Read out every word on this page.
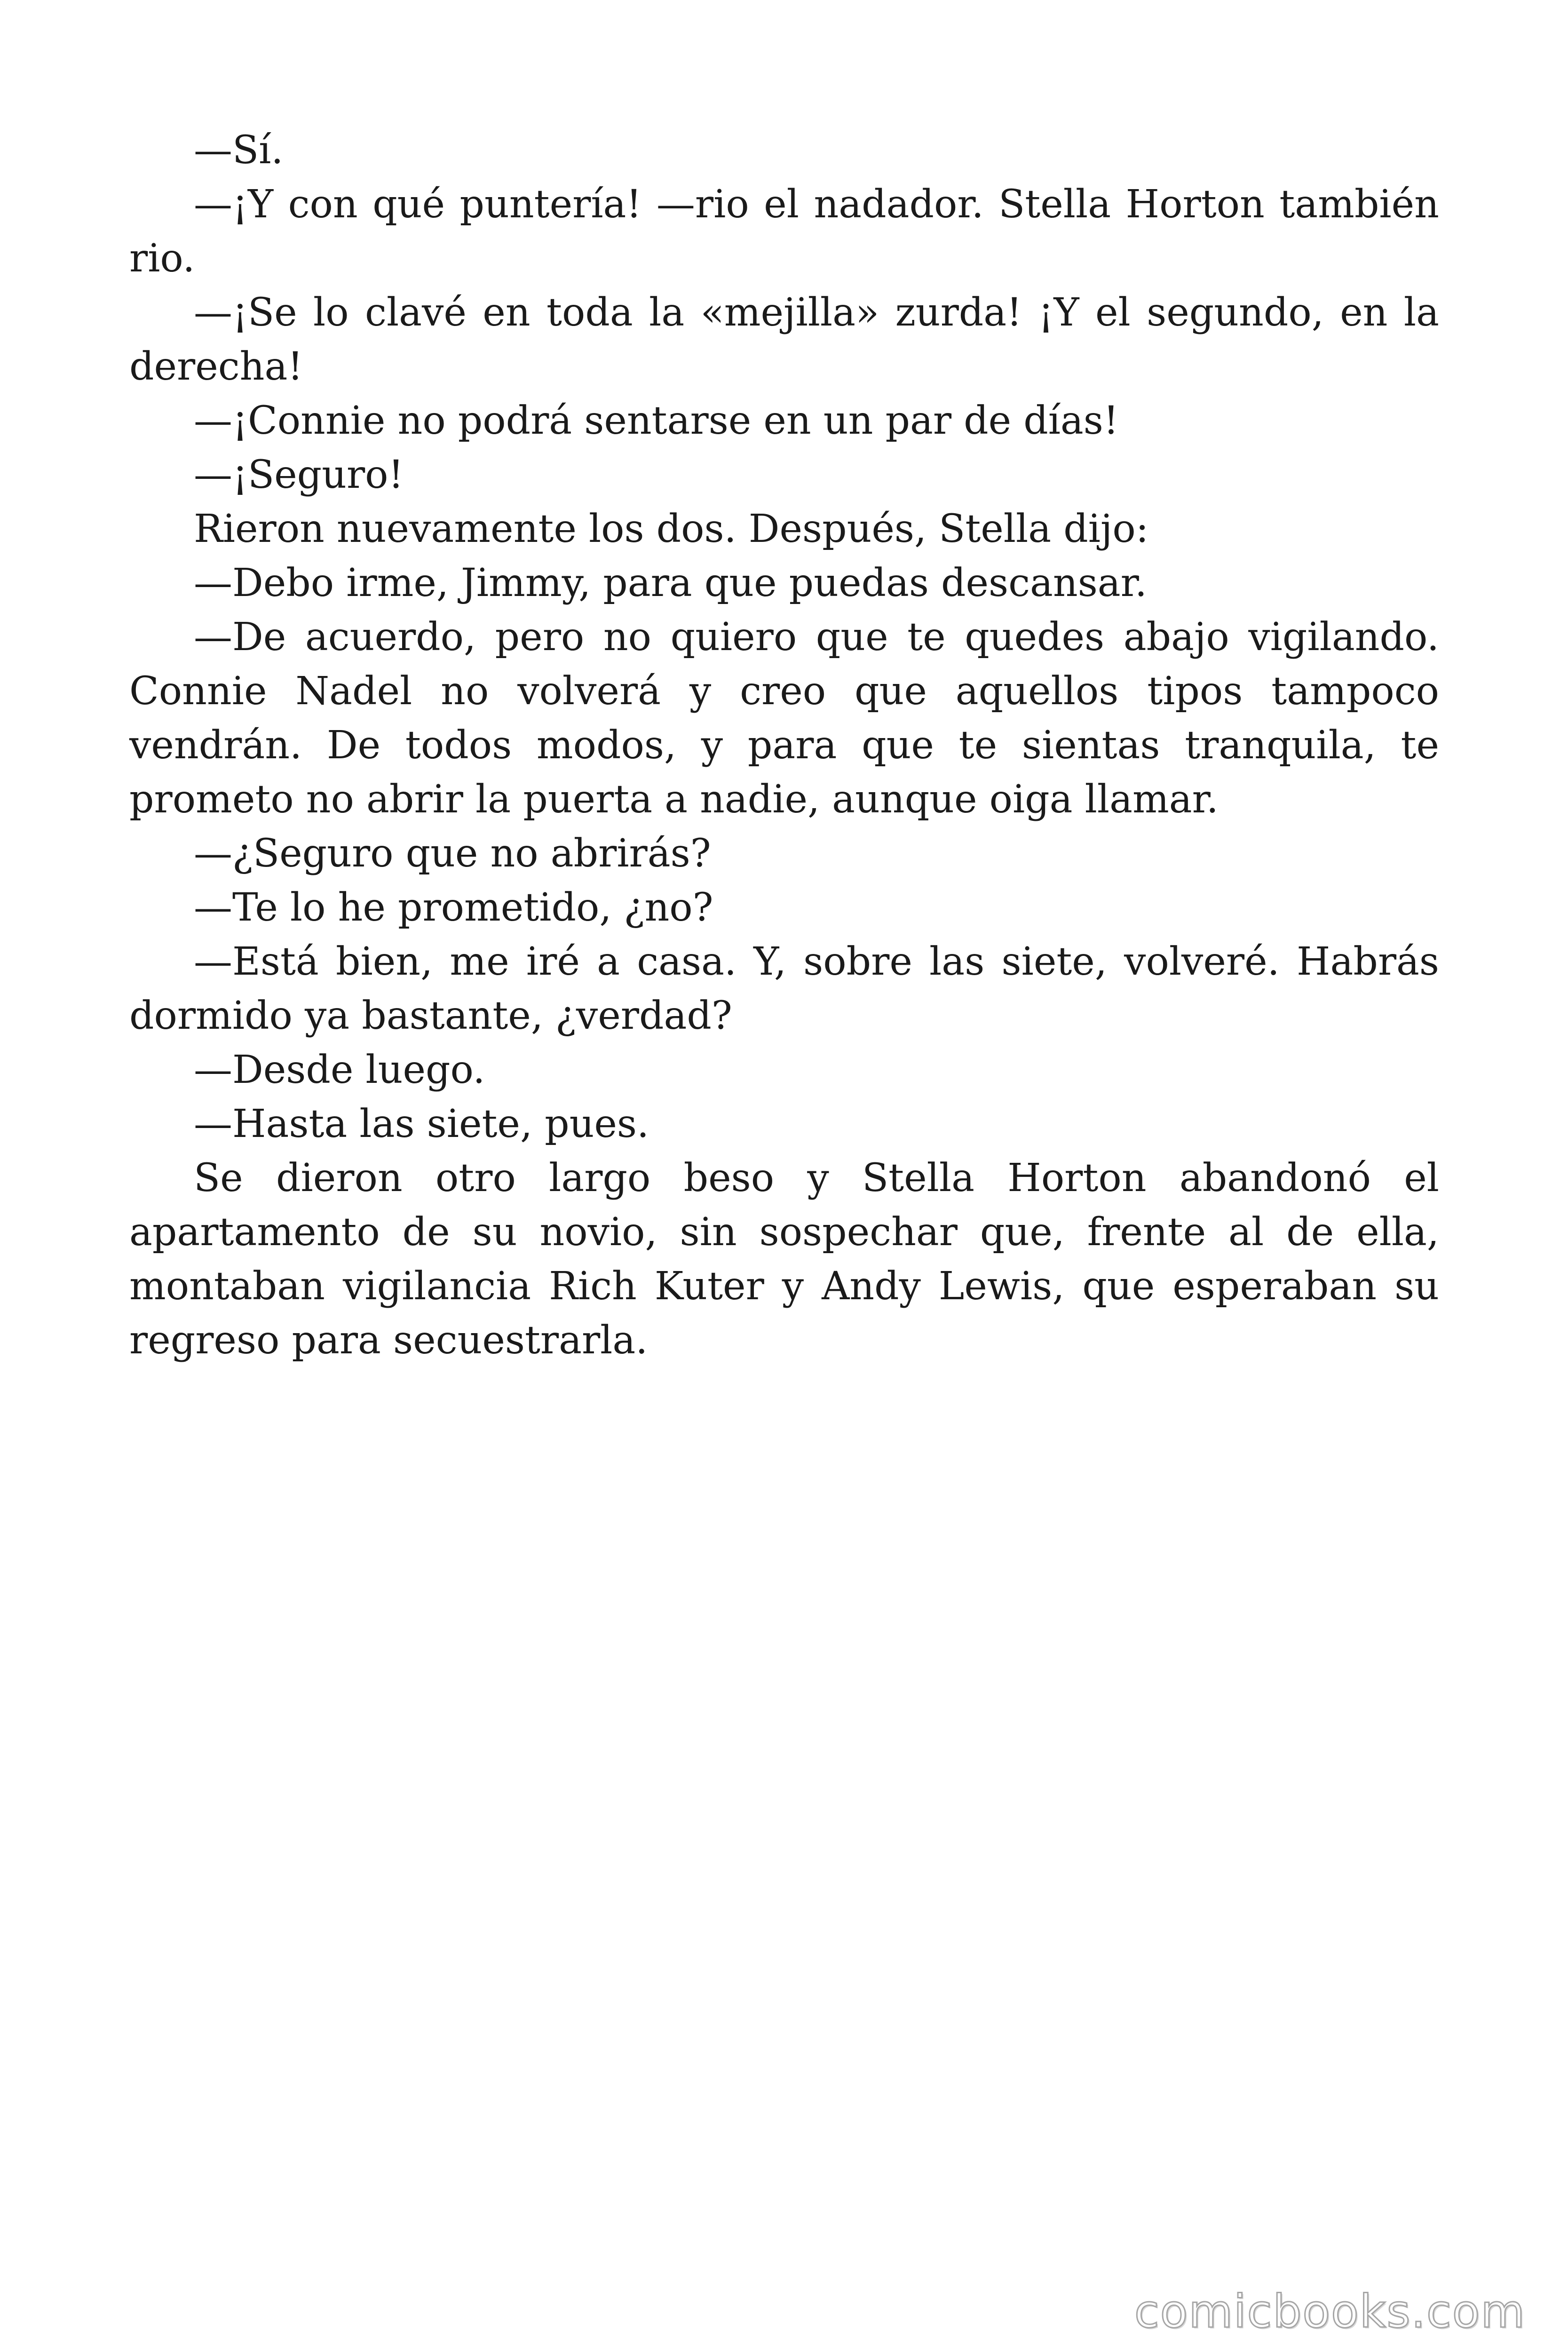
—Sí.

—¡Y con qué puntería! —rio el nadador. Stella Horton también rio.

—¡Se lo clavé en toda la «mejilla» zurda! ¡Y el segundo, en la derecha!

—¡Connie no podrá sentarse en un par de días!

—¡Seguro!

Rieron nuevamente los dos. Después, Stella dijo:

—Debo irme, Jimmy, para que puedas descansar.

—De acuerdo, pero no quiero que te quedes abajo vigilando. Connie Nadel no volverá y creo que aquellos tipos tampoco vendrán. De todos modos, y para que te sientas tranquila, te prometo no abrir la puerta a nadie, aunque oiga llamar.

—¿Seguro que no abrirás?

—Te lo he prometido, ¿no?

—Está bien, me iré a casa. Y, sobre las siete, volveré. Habrás dormido ya bastante, ¿verdad?

—Desde luego.

—Hasta las siete, pues.

Se dieron otro largo beso y Stella Horton abandonó el apartamento de su novio, sin sospechar que, frente al de ella, montaban vigilancia Rich Kuter y Andy Lewis, que esperaban su regreso para secuestrarla.

comicbooks.com
